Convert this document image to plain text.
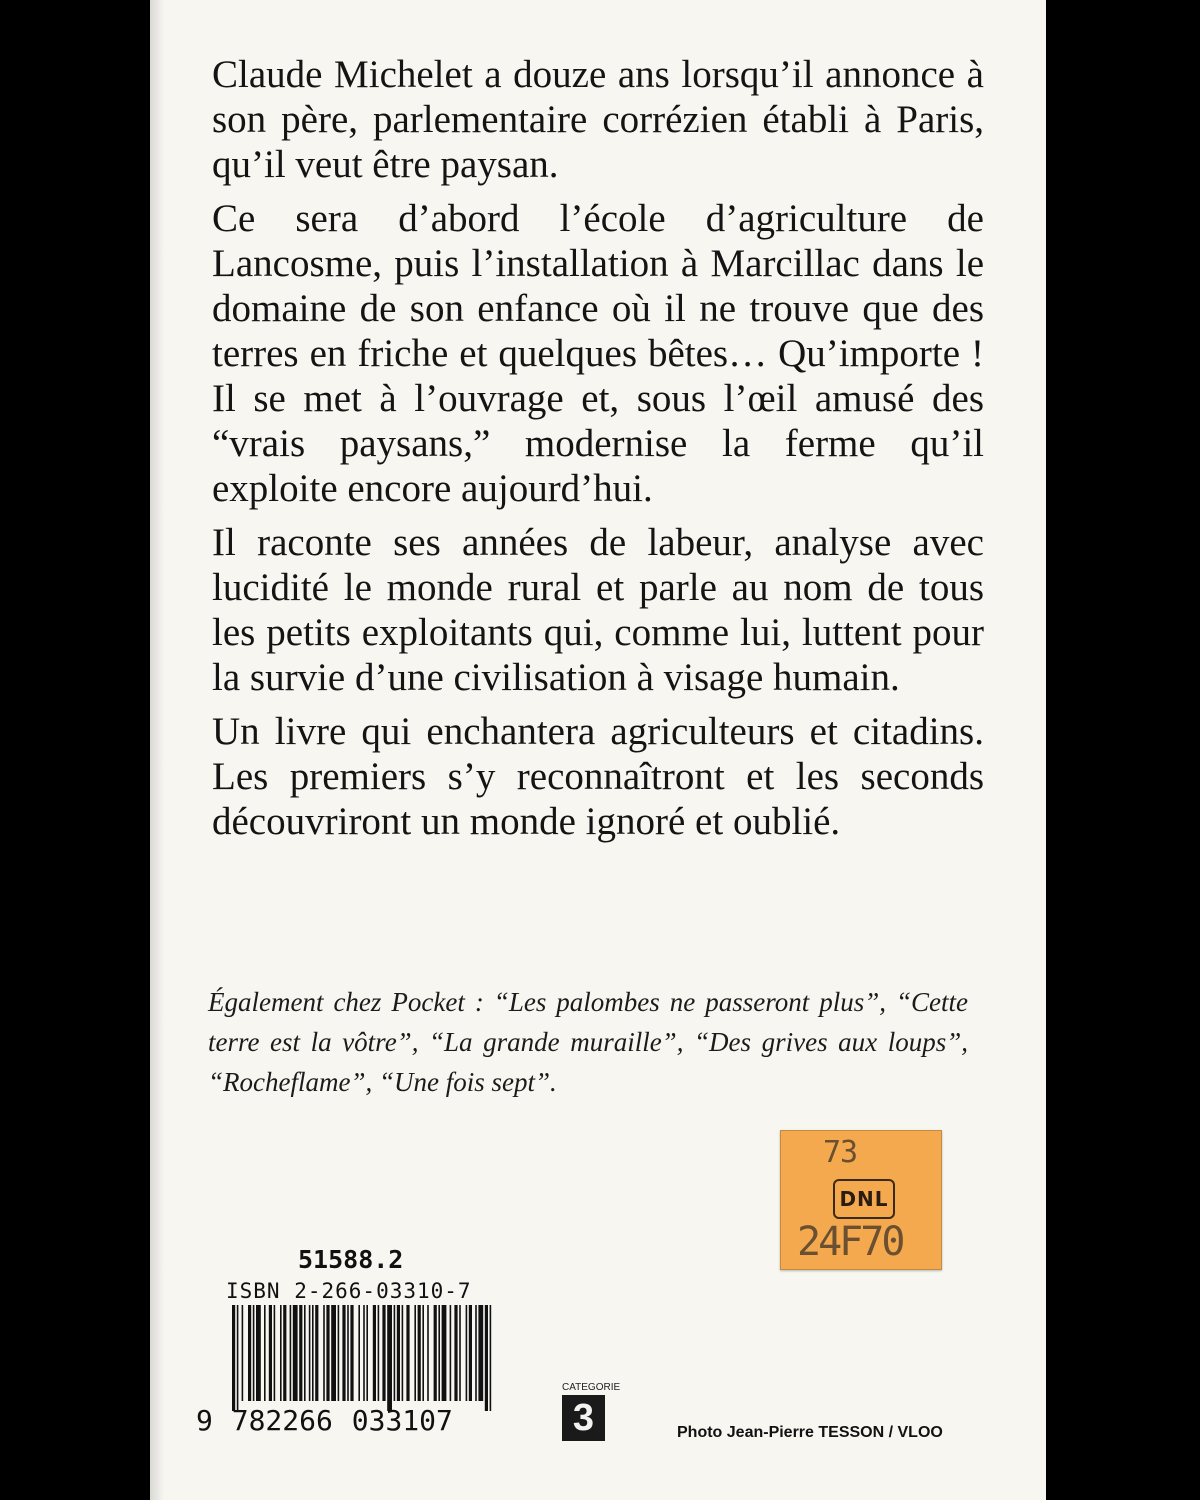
Claude Michelet a douze ans lorsqu’il annonce à son père, parlementaire corrézien établi à Paris, qu’il veut être paysan.

Ce sera d’abord l’école d’agriculture de Lancosme, puis l’installation à Marcillac dans le domaine de son enfance où il ne trouve que des terres en friche et quelques bêtes… Qu’importe ! Il se met à l’ouvrage et, sous l’œil amusé des “vrais paysans,” modernise la ferme qu’il exploite encore aujourd’hui.

Il raconte ses années de labeur, analyse avec lucidité le monde rural et parle au nom de tous les petits exploitants qui, comme lui, luttent pour la survie d’une civilisation à visage humain.

Un livre qui enchantera agriculteurs et citadins. Les premiers s’y reconnaîtront et les seconds découvriront un monde ignoré et oublié.

Également chez Pocket : “Les palombes ne passeront plus”, “Cette terre est la vôtre”, “La grande muraille”, “Des grives aux loups”, “Rocheflame”, “Une fois sept”.
73
DNL
24F70
51588.2
ISBN 2-266-03310-7
9 782266 033107
CATEGORIE
3	Photo Jean-Pierre TESSON / VLOO
